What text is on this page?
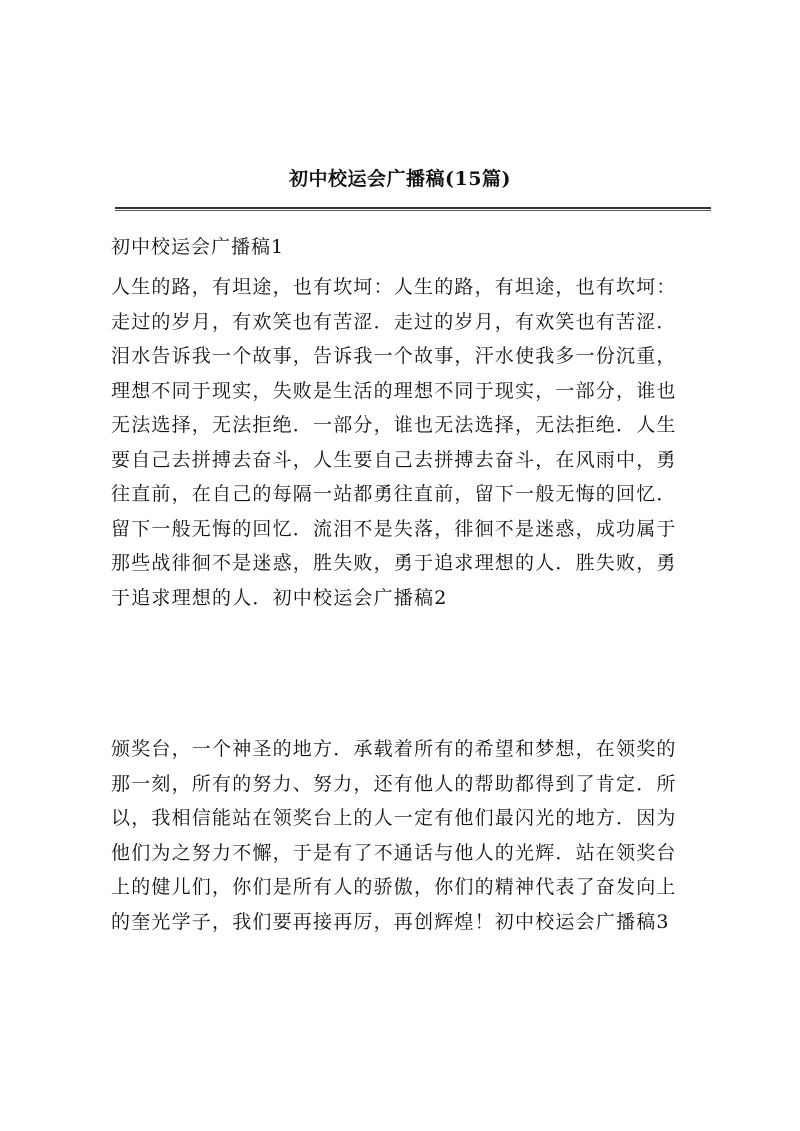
初中校运会广播稿(15篇)
初中校运会广播稿1
人生的路，有坦途，也有坎坷：人生的路，有坦途，也有坎坷：
走过的岁月，有欢笑也有苦涩．走过的岁月，有欢笑也有苦涩．
泪水告诉我一个故事，告诉我一个故事，汗水使我多一份沉重，
理想不同于现实，失败是生活的理想不同于现实，一部分，谁也
无法选择，无法拒绝．一部分，谁也无法选择，无法拒绝．人生
要自己去拼搏去奋斗，人生要自己去拼搏去奋斗，在风雨中，勇
往直前，在自己的每隔一站都勇往直前，留下一般无悔的回忆．
留下一般无悔的回忆．流泪不是失落，徘徊不是迷惑，成功属于
那些战徘徊不是迷惑，胜失败，勇于追求理想的人．胜失败，勇
于追求理想的人．初中校运会广播稿2
颁奖台，一个神圣的地方．承载着所有的希望和梦想，在领奖的
那一刻，所有的努力、努力，还有他人的帮助都得到了肯定．所
以，我相信能站在领奖台上的人一定有他们最闪光的地方．因为
他们为之努力不懈，于是有了不通话与他人的光辉．站在领奖台
上的健儿们，你们是所有人的骄傲，你们的精神代表了奋发向上
的奎光学子，我们要再接再厉，再创辉煌！初中校运会广播稿3
